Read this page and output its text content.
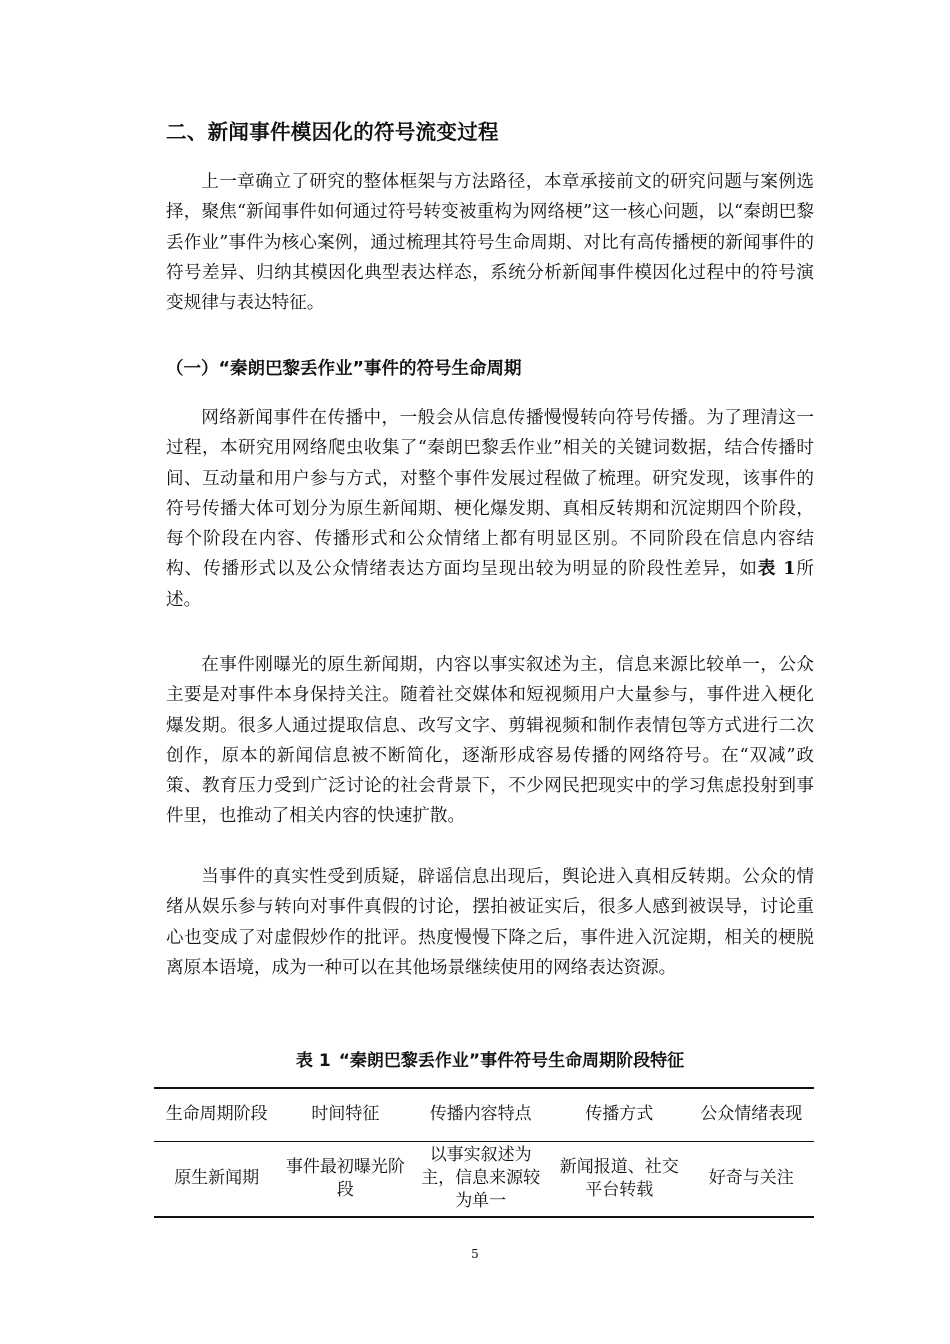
二、新闻事件模因化的符号流变过程

上一章确立了研究的整体框架与方法路径，本章承接前文的研究问题与案例选择，聚焦“新闻事件如何通过符号转变被重构为网络梗”这一核心问题，以“秦朗巴黎丢作业”事件为核心案例，通过梳理其符号生命周期、对比有高传播梗的新闻事件的符号差异、归纳其模因化典型表达样态，系统分析新闻事件模因化过程中的符号演变规律与表达特征。

（一）“秦朗巴黎丢作业”事件的符号生命周期

网络新闻事件在传播中，一般会从信息传播慢慢转向符号传播。为了理清这一过程，本研究用网络爬虫收集了“秦朗巴黎丢作业”相关的关键词数据，结合传播时间、互动量和用户参与方式，对整个事件发展过程做了梳理。研究发现，该事件的符号传播大体可划分为原生新闻期、梗化爆发期、真相反转期和沉淀期四个阶段，每个阶段在内容、传播形式和公众情绪上都有明显区别。不同阶段在信息内容结构、传播形式以及公众情绪表达方面均呈现出较为明显的阶段性差异，如表 1所述。

在事件刚曝光的原生新闻期，内容以事实叙述为主，信息来源比较单一，公众主要是对事件本身保持关注。随着社交媒体和短视频用户大量参与，事件进入梗化爆发期。很多人通过提取信息、改写文字、剪辑视频和制作表情包等方式进行二次创作，原本的新闻信息被不断简化，逐渐形成容易传播的网络符号。在“双减”政策、教育压力受到广泛讨论的社会背景下，不少网民把现实中的学习焦虑投射到事件里，也推动了相关内容的快速扩散。

当事件的真实性受到质疑，辟谣信息出现后，舆论进入真相反转期。公众的情绪从娱乐参与转向对事件真假的讨论，摆拍被证实后，很多人感到被误导，讨论重心也变成了对虚假炒作的批评。热度慢慢下降之后，事件进入沉淀期，相关的梗脱离原本语境，成为一种可以在其他场景继续使用的网络表达资源。

表 1 “秦朗巴黎丢作业”事件符号生命周期阶段特征
生命周期阶段	时间特征	传播内容特点	传播方式	公众情绪表现
原生新闻期	事件最初曝光阶段	以事实叙述为主，信息来源较为单一	新闻报道、社交平台转载	好奇与关注
5
